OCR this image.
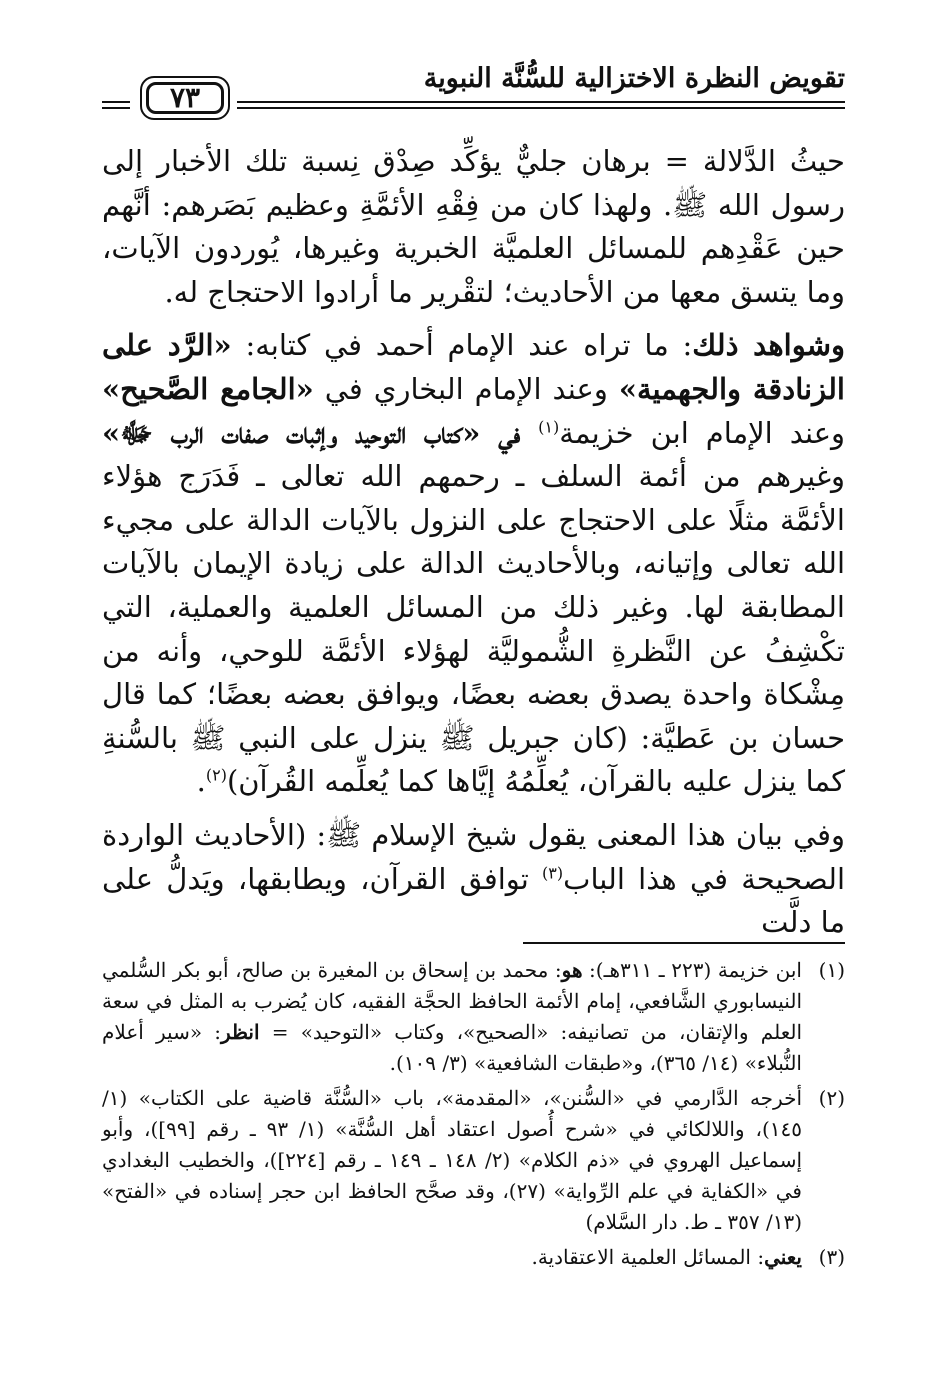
تقويض النظرة الاختزالية للسُّنَّة النبوية
٧٣

حيثُ الدَّلالة = برهان جليٌّ يؤكِّد صِدْق نِسبة تلك الأخبار إلى رسول الله ﷺ. ولهذا كان من فِقْهِ الأئمَّةِ وعظيم بَصَرهم: أنَّهم حين عَقْدِهم للمسائل العلميَّة الخبرية وغيرها، يُوردون الآيات، وما يتسق معها من الأحاديث؛ لتقْرير ما أرادوا الاحتجاج له.

وشواهد ذلك: ما تراه عند الإمام أحمد في كتابه: «الرَّد على الزنادقة والجهمية» وعند الإمام البخاري في «الجامع الصَّحيح» وعند الإمام ابن خزيمة$^{(١)}$ في «كتاب التوحيد وإثبات صفات الرب ﷻ» وغيرهم من أئمة السلف ـ رحمهم الله تعالى ـ فَدَرَج هؤلاء الأئمَّة مثلًا على الاحتجاج على النزول بالآيات الدالة على مجيء الله تعالى وإتيانه، وبالأحاديث الدالة على زيادة الإيمان بالآيات المطابقة لها. وغير ذلك من المسائل العلمية والعملية، التي تكْشِفُ عن النَّظرةِ الشُّموليَّة لهؤلاء الأئمَّة للوحي، وأنه من مِشْكاة واحدة يصدق بعضه بعضًا، ويوافق بعضه بعضًا؛ كما قال حسان بن عَطيَّة: (كان جبريل ﷺ ينزل على النبي ﷺ بالسُّنةِ كما ينزل عليه بالقرآن، يُعلِّمُهُ إيَّاها كما يُعلِّمه القُرآن)$^{(٢)}$.

وفي بيان هذا المعنى يقول شيخ الإسلام ﷺ: (الأحاديث الواردة الصحيحة في هذا الباب$^{(٣)}$ توافق القرآن، ويطابقها، ويَدلُّ على ما دلَّت

(١)
ابن خزيمة (٢٢٣ ـ ٣١١هـ): هو: محمد بن إسحاق بن المغيرة بن صالح، أبو بكر السُّلمي النيسابوري الشَّافعي، إمام الأئمة الحافظ الحجَّة الفقيه، كان يُضرب به المثل في سعة العلم والإتقان، من تصانيفه: «الصحيح»، وكتاب «التوحيد» = انظر: «سير أعلام النُّبلاء» (١٤/ ٣٦٥)، و«طبقات الشافعية» (٣/ ١٠٩).
(٢)
أخرجه الدَّارمي في «السُّنن»، «المقدمة»، باب «السُّنَّة قاضية على الكتاب» (١/ ١٤٥)، واللالكائي في «شرح أُصول اعتقاد أهل السُّنَّة» (١/ ٩٣ ـ رقم [٩٩])، وأبو إسماعيل الهروي في «ذم الكلام» (٢/ ١٤٨ ـ ١٤٩ ـ رقم [٢٢٤])، والخطيب البغدادي في «الكفاية في علم الرِّواية» (٢٧)، وقد صحَّح الحافظ ابن حجر إسناده في «الفتح» (١٣/ ٣٥٧ ـ ط. دار السَّلام)
(٣)
يعني: المسائل العلمية الاعتقادية.
